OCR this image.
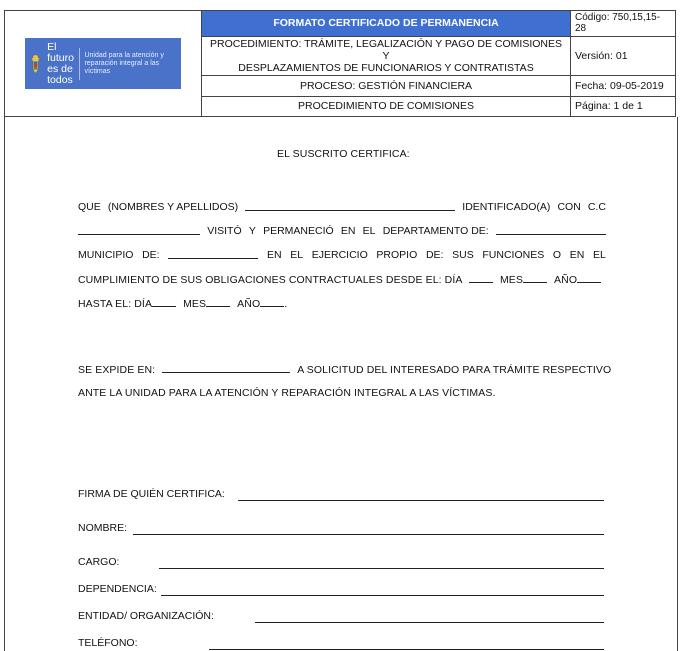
El futuro es de todos
Unidad para la atención y reparación integral a las víctimas	FORMATO CERTIFICADO DE PERMANENCIA	Código: 750,15,15-28

	PROCEDIMIENTO: TRÁMITE, LEGALIZACIÓN Y PAGO DE COMISIONES Y
DESPLAZAMIENTOS DE FUNCIONARIOS Y CONTRATISTAS	Versión: 01
	PROCESO: GESTIÓN FINANCIERA	Fecha: 09-05-2019
	PROCEDIMIENTO DE COMISIONES	Página: 1 de 1
EL SUSCRITO CERTIFICA:
QUE (NOMBRES Y APELLIDOS)	IDENTIFICADO(A) CON C.C
VISITÓ Y PERMANECIÓ EN EL DEPARTAMENTO DE:
MUNICIPIO DE:	EN EL EJERCICIO PROPIO DE: SUS FUNCIONES O EN EL
CUMPLIMIENTO DE SUS OBLIGACIONES CONTRACTUALES DESDE EL: DÍA	MES	AÑO
HASTA EL: DÍA	MES	AÑO .
SE EXPIDE EN:	A SOLICITUD DEL INTERESADO PARA TRÁMITE RESPECTIVO
ANTE LA UNIDAD PARA LA ATENCIÓN Y REPARACIÓN INTEGRAL A LAS VÍCTIMAS.
FIRMA DE QUIÉN CERTIFICA:
NOMBRE:
CARGO:
DEPENDENCIA:
ENTIDAD/ ORGANIZACIÓN:
TELÉFONO:
